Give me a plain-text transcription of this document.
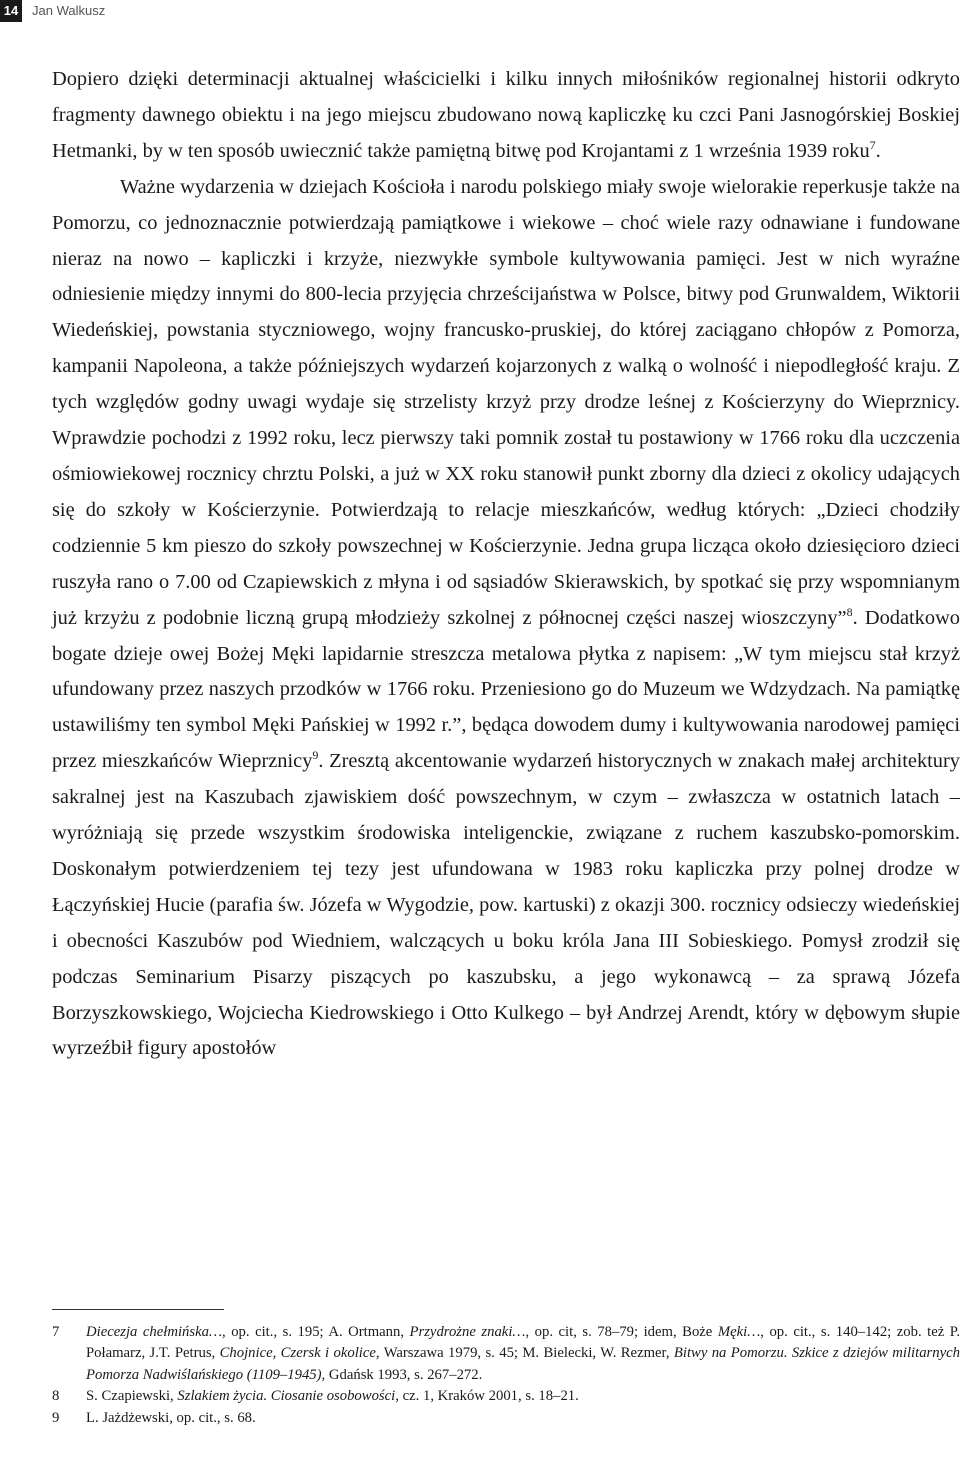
14 Jan Walkusz

Dopiero dzięki determinacji aktualnej właścicielki i kilku innych miłośników regionalnej historii odkryto fragmenty dawnego obiektu i na jego miejscu zbudowano nową kapliczkę ku czci Pani Jasnogórskiej Boskiej Hetmanki, by w ten sposób uwiecznić także pamiętną bitwę pod Krojantami z 1 września 1939 roku$^7$.

Ważne wydarzenia w dziejach Kościoła i narodu polskiego miały swoje wielorakie reperkusje także na Pomorzu, co jednoznacznie potwierdzają pamiątkowe i wiekowe – choć wiele razy odnawiane i fundowane nieraz na nowo – kapliczki i krzyże, niezwykłe symbole kultywowania pamięci. Jest w nich wyraźne odniesienie między innymi do 800-lecia przyjęcia chrześcijaństwa w Polsce, bitwy pod Grunwaldem, Wiktorii Wiedeńskiej, powstania styczniowego, wojny francusko-pruskiej, do której zaciągano chłopów z Pomorza, kampanii Napoleona, a także późniejszych wydarzeń kojarzonych z walką o wolność i niepodległość kraju. Z tych względów godny uwagi wydaje się strzelisty krzyż przy drodze leśnej z Kościerzyny do Wieprznicy. Wprawdzie pochodzi z 1992 roku, lecz pierwszy taki pomnik został tu postawiony w 1766 roku dla uczczenia ośmiowiekowej rocznicy chrztu Polski, a już w XX roku stanowił punkt zborny dla dzieci z okolicy udających się do szkoły w Kościerzynie. Potwierdzają to relacje mieszkańców, według których: „Dzieci chodziły codziennie 5 km pieszo do szkoły powszechnej w Kościerzynie. Jedna grupa licząca około dziesięcioro dzieci ruszyła rano o 7.00 od Czapiewskich z młyna i od sąsiadów Skierawskich, by spotkać się przy wspomnianym już krzyżu z podobnie liczną grupą młodzieży szkolnej z północnej części naszej wioszczyny”$^8$. Dodatkowo bogate dzieje owej Bożej Męki lapidarnie streszcza metalowa płytka z napisem: „W tym miejscu stał krzyż ufundowany przez naszych przodków w 1766 roku. Przeniesiono go do Muzeum we Wdzydzach. Na pamiątkę ustawiliśmy ten symbol Męki Pańskiej w 1992 r.”, będąca dowodem dumy i kultywowania narodowej pamięci przez mieszkańców Wieprznicy$^9$. Zresztą akcentowanie wydarzeń historycznych w znakach małej architektury sakralnej jest na Kaszubach zjawiskiem dość powszechnym, w czym – zwłaszcza w ostatnich latach – wyróżniają się przede wszystkim środowiska inteligenckie, związane z ruchem kaszubsko-pomorskim. Doskonałym potwierdzeniem tej tezy jest ufundowana w 1983 roku kapliczka przy polnej drodze w Łączyńskiej Hucie (parafia św. Józefa w Wygodzie, pow. kartuski) z okazji 300. rocznicy odsieczy wiedeńskiej i obecności Kaszubów pod Wiedniem, walczących u boku króla Jana III Sobieskiego. Pomysł zrodził się podczas Seminarium Pisarzy piszących po kaszubsku, a jego wykonawcą – za sprawą Józefa Borzyszkowskiego, Wojciecha Kiedrowskiego i Otto Kulkego – był Andrzej Arendt, który w dębowym słupie wyrzeźbił figury apostołów

7	Diecezja chełmińska…, op. cit., s. 195; A. Ortmann, Przydrożne znaki…, op. cit, s. 78–79; idem, Boże Męki…, op. cit., s. 140–142; zob. też P. Połamarz, J.T. Petrus, Chojnice, Czersk i okolice, Warszawa 1979, s. 45; M. Bielecki, W. Rezmer, Bitwy na Pomorzu. Szkice z dziejów militarnych Pomorza Nadwiślańskiego (1109–1945), Gdańsk 1993, s. 267–272.
8	S. Czapiewski, Szlakiem życia. Ciosanie osobowości, cz. 1, Kraków 2001, s. 18–21.
9	L. Jażdżewski, op. cit., s. 68.
